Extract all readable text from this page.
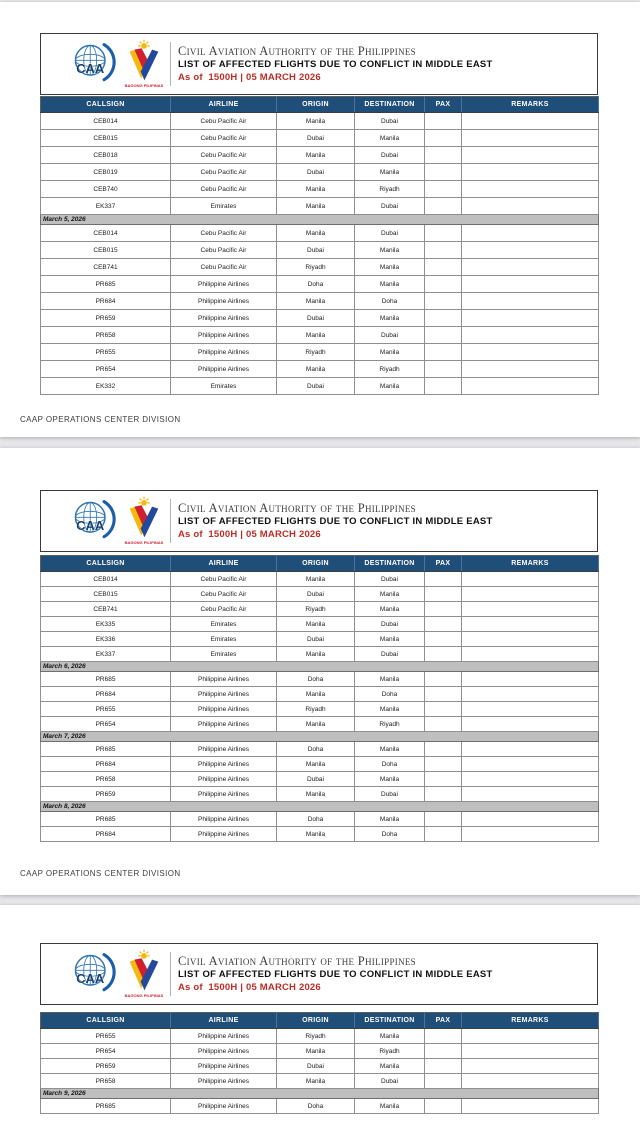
CAA
BAGONG PILIPINAS
Civil Aviation Authority of the Philippines
LIST OF AFFECTED FLIGHTS DUE TO CONFLICT IN MIDDLE EAST
As of  1500H | 05 MARCH 2026
CALLSIGN	AIRLINE	ORIGIN	DESTINATION	PAX	REMARKS
CEB014	Cebu Pacific Air	Manila	Dubai		
CEB015	Cebu Pacific Air	Dubai	Manila		
CEB018	Cebu Pacific Air	Manila	Dubai		
CEB019	Cebu Pacific Air	Dubai	Manila		
CEB740	Cebu Pacific Air	Manila	Riyadh		
EK337	Emirates	Manila	Dubai		
March 5, 2026					
CEB014	Cebu Pacific Air	Manila	Dubai		
CEB015	Cebu Pacific Air	Dubai	Manila		
CEB741	Cebu Pacific Air	Riyadh	Manila		
PR685	Philippine Airlines	Doha	Manila		
PR684	Philippine Airlines	Manila	Doha		
PR659	Philippine Airlines	Dubai	Manila		
PR658	Philippine Airlines	Manila	Dubai		
PR655	Philippine Airlines	Riyadh	Manila		
PR654	Philippine Airlines	Manila	Riyadh		
EK332	Emirates	Dubai	Manila		
CAAP OPERATIONS CENTER DIVISION
CAA
BAGONG PILIPINAS
Civil Aviation Authority of the Philippines
LIST OF AFFECTED FLIGHTS DUE TO CONFLICT IN MIDDLE EAST
As of  1500H | 05 MARCH 2026
CALLSIGN	AIRLINE	ORIGIN	DESTINATION	PAX	REMARKS
CEB014	Cebu Pacific Air	Manila	Dubai		
CEB015	Cebu Pacific Air	Dubai	Manila		
CEB741	Cebu Pacific Air	Riyadh	Manila		
EK335	Emirates	Manila	Dubai		
EK336	Emirates	Dubai	Manila		
EK337	Emirates	Manila	Dubai		
March 6, 2026					
PR685	Philippine Airlines	Doha	Manila		
PR684	Philippine Airlines	Manila	Doha		
PR655	Philippine Airlines	Riyadh	Manila		
PR654	Philippine Airlines	Manila	Riyadh		
March 7, 2026					
PR685	Philippine Airlines	Doha	Manila		
PR684	Philippine Airlines	Manila	Doha		
PR658	Philippine Airlines	Dubai	Manila		
PR659	Philippine Airlines	Manila	Dubai		
March 8, 2026					
PR685	Philippine Airlines	Doha	Manila		
PR684	Philippine Airlines	Manila	Doha		
CAAP OPERATIONS CENTER DIVISION
CAA
BAGONG PILIPINAS
Civil Aviation Authority of the Philippines
LIST OF AFFECTED FLIGHTS DUE TO CONFLICT IN MIDDLE EAST
As of  1500H | 05 MARCH 2026
CALLSIGN	AIRLINE	ORIGIN	DESTINATION	PAX	REMARKS
PR655	Philippine Airlines	Riyadh	Manila		
PR654	Philippine Airlines	Manila	Riyadh		
PR659	Philippine Airlines	Dubai	Manila		
PR658	Philippine Airlines	Manila	Dubai		
March 9, 2026					
PR685	Philippine Airlines	Doha	Manila		
